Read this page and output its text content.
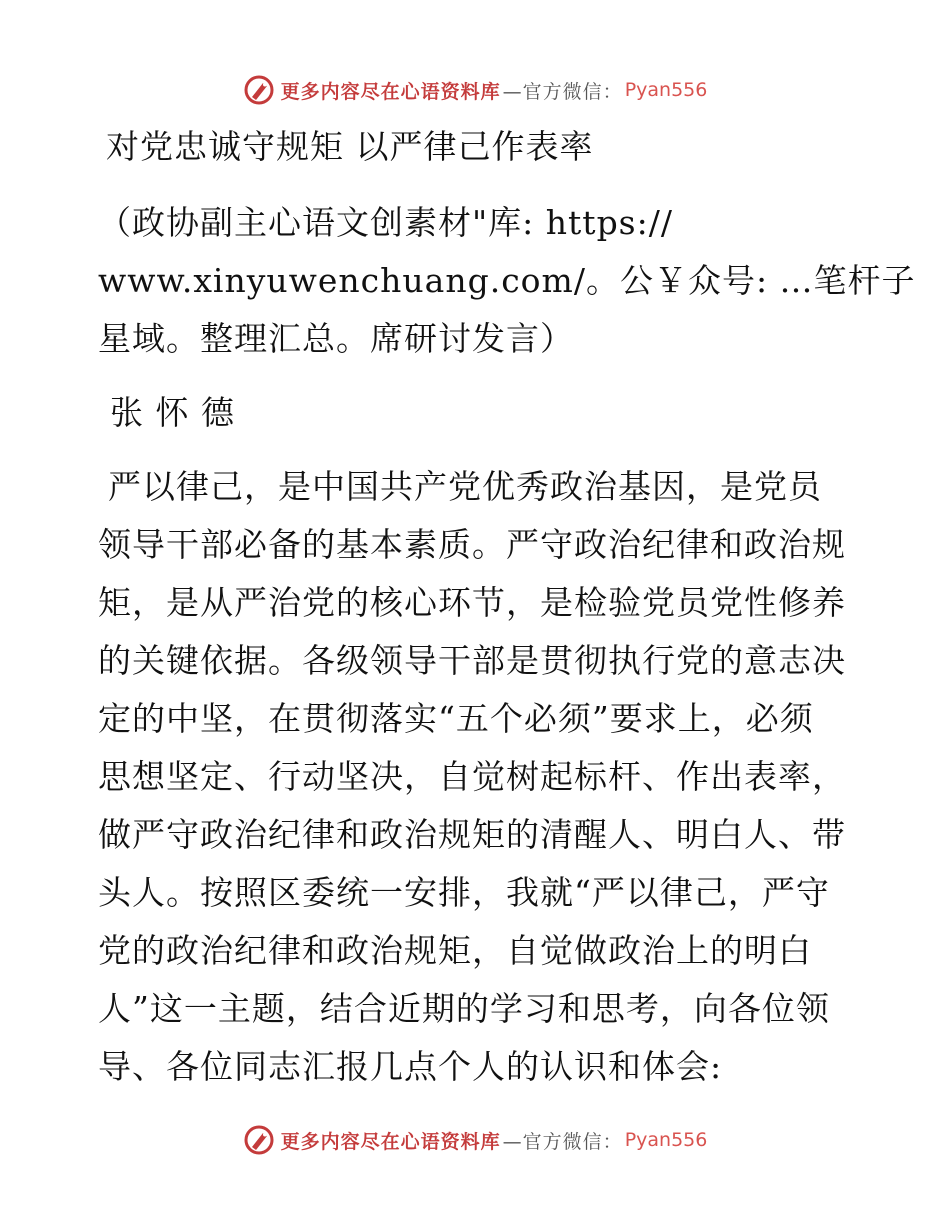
更多内容尽在心语资料库 —官方微信： Pyan556
对党忠诚守规矩 以严律己作表率
（政协副主心语文创素材"库: https://
www.xinyuwenchuang.com/。公￥众号: …笔杆子
星域。整理汇总。席研讨发言）
张 怀 德
严以律己，是中国共产党优秀政治基因，是党员
领导干部必备的基本素质。严守政治纪律和政治规
矩，是从严治党的核心环节，是检验党员党性修养
的关键依据。各级领导干部是贯彻执行党的意志决
定的中坚，在贯彻落实“五个必须”要求上，必须
思想坚定、行动坚决，自觉树起标杆、作出表率，
做严守政治纪律和政治规矩的清醒人、明白人、带
头人。按照区委统一安排，我就“严以律己，严守
党的政治纪律和政治规矩，自觉做政治上的明白
人”这一主题，结合近期的学习和思考，向各位领
导、各位同志汇报几点个人的认识和体会:
更多内容尽在心语资料库 —官方微信： Pyan556
